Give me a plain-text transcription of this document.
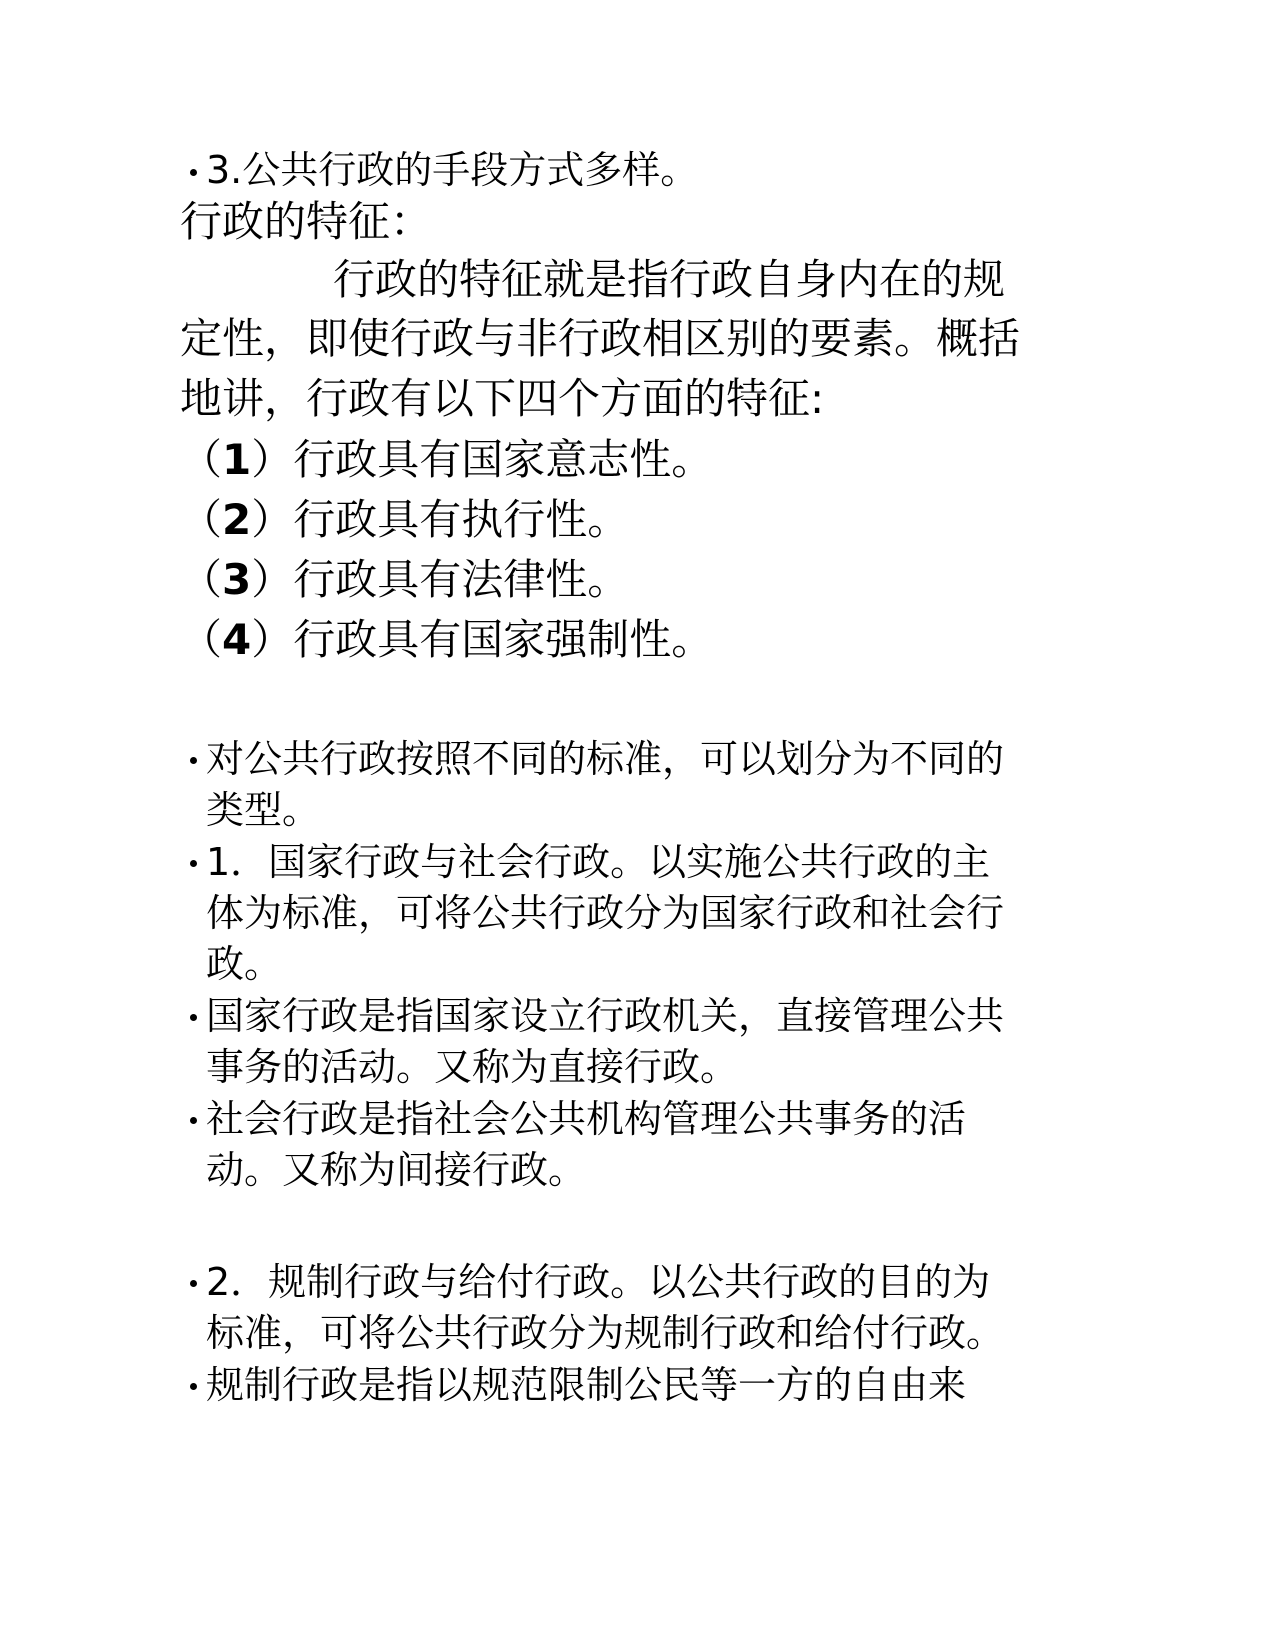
3.公共行政的手段方式多样。
行政的特征：
行政的特征就是指行政自身内在的规
定性，即使行政与非行政相区别的要素。概括
地讲，行政有以下四个方面的特征:
（1）行政具有国家意志性。
（2）行政具有执行性。
（3）行政具有法律性。
（4）行政具有国家强制性。
对公共行政按照不同的标准，可以划分为不同的
类型。
1．国家行政与社会行政。以实施公共行政的主
体为标准，可将公共行政分为国家行政和社会行
政。
国家行政是指国家设立行政机关，直接管理公共
事务的活动。又称为直接行政。
社会行政是指社会公共机构管理公共事务的活
动。又称为间接行政。
2．规制行政与给付行政。以公共行政的目的为
标准，可将公共行政分为规制行政和给付行政。
规制行政是指以规范限制公民等一方的自由来
